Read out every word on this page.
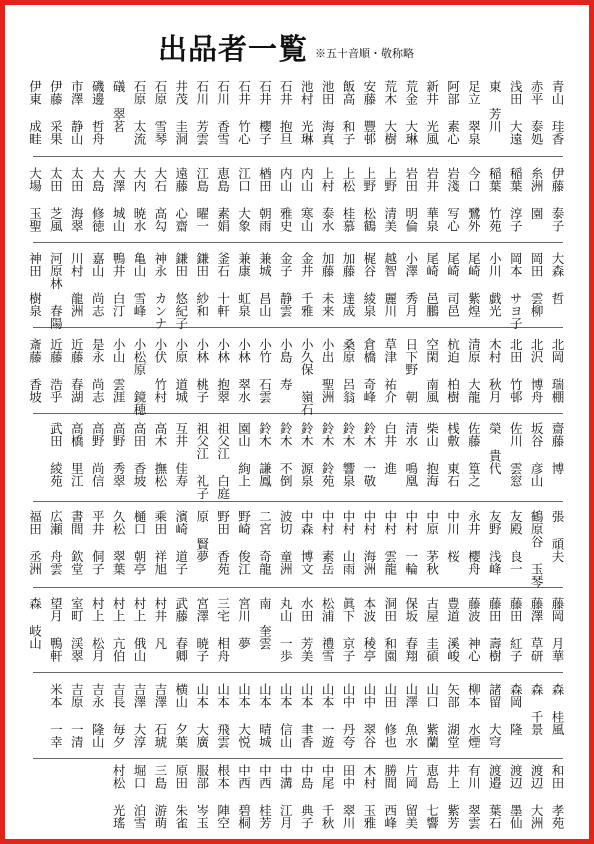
出品者一覧 ※五十音順・敬称略
青山 珪香
赤平 泰処
浅田 大遠
東 芳川
足立 翠泉
阿部 素心
新井 光風
荒金 大琳
荒木 大樹
安藤 豐邨
飯高 和子
池田 海真
池村 光琳
石井 抱旦
石井 櫻子
石井 竹心
石川 香雪
石川 芳雲
井茂 圭洞
石原 雪琴
石原 太流
礒 翠茗
磯邊 哲舟
市澤 静山
伊藤 采果
伊東 成畦
伊藤 泰子
糸洲 園
稲葉 淳子
稲葉 竹苑
今口 鷺外
岩淺 写心
岩井 華泉
岩田 明倫
上野 清美
上野 松鶴
上松 桂慕
上村 泰水
内山 寒山
内山 雅史
楢田 朝雨
江口 大象
恵島 素娟
江島 曜一
遠藤 心齋
大石 高勾
大内 暁水
大澤 城山
大島 修徳
太田 海翠
太田 芝風
大場 玉聖
大森 哲
岡田 雲柳
岡本 サヨ子
小川 戯光
尾崎 紫煌
尾崎 司邑
尾崎 邑鵬
小澤 秀月
越智 麗川
梶谷 綾泉
加藤 達成
加藤 未来
金井 千雅
金子 静雲
兼城 昌山
兼康 虹泉
釜石 十軒
鎌田 紗和
鎌田 悠紀子
神永 カンナ
亀山 雪峰
鴨井 白汀
嘉山 尚志
川村 龍洲
河原林 春陽
神田 樹泉
北岡 瑞棚
北沢 博舟
北田 竹邨
木村 秋月
清原 大龍
杭迫 柏樹
空閑 南風
日下野 朝
草津 祐介
倉橋 奇峰
桑原 呂翁
小出 聖洲
小久保 嶺石
小島 寿
小竹 石雲
小林 翠水
小林 抱翠
小林 桃子
小原 道城
小伏 竹村
小松原 鏡穂
小山 雲涯
是永 尚志
近藤 春湖
近藤 浩乎
斎藤 香坡
齋藤 博
坂谷 彦山
佐川 雲窓
榮 貴代
佐藤 篁之
桟敷 東石
柴山 抱海
清水 鳴凰
白井 進
鈴木 一敬
鈴木 響泉
鈴木 鈴苑
鈴木 源泉
鈴木 不倒
鈴木 謙鳳
園山 絢上
祖父江 白庭
祖父江 礼子
互井 佳寿
高木 撫松
高田 香坡
高野 秀翠
高野 尚信
高橋 里江
武田 綾苑
張 頑夫
鶴原谷 玉琴
友殿 良一
友野 浅峰
永井 櫻舟
中川 桜
中原 茅秋
中村 一輪
中村 雲龍
中村 海洲
中村 山雨
中村 素岳
中森 博文
波切 童洲
二宮 奇龍
野崎 俊江
野田 香苑
原 賢夢
濱崎 道子
乘田 祥旭
樋口 朝亭
久松 翠葉
平井 侗子
書間 欽堂
広瀬 舟雲
福田 丞洲
藤岡 月華
藤澤 草研
藤田 紅子
藤田 壽樹
藤波 神心
豊道 溪峻
古屋 圭碩
保坂 春翔
洞田 和園
本波 稜亭
眞下 京子
松浦 禮雪
水田 芳美
丸山 一歩
南 奎雲
宮川 夢
三宅 相舟
宮澤 暁子
武藤 春卿
村井 凡
村上 俄山
村上 亢伯
村上 松月
室町 渓翠
望月 鴨軒
森 岐山
森 桂風
森 千景
森岡 隆
諸留 大穹
柳本 水煙
矢部 湖堂
山口 紫蘭
山澤 魚水
山田 修也
山中 翠谷
山中 丹夸
山本 一遊
山本 聿香
山本 信山
山本 晴城
山本 大悦
山本 飛雲
山本 大廣
横山 夕葉
吉澤 石琥
吉澤 大淳
吉長 毎夕
吉永 隆山
吉原 一清
米本 一幸
和田 孝苑
渡辺 大洲
渡辺 墨仙
渡邉 葉石
有川 翠雲
井上 紫芳
恵島 七響
片岡 留美
勝間 西峰
木村 玉雅
田中 翠川
中尾 千秋
中島 典子
中溝 江月
中西 桂芳
中西 碧桐
根本 陣空
服部 岑玉
原田 朱雀
三島 游萌
堀口 泊雪
村松 光瑤
